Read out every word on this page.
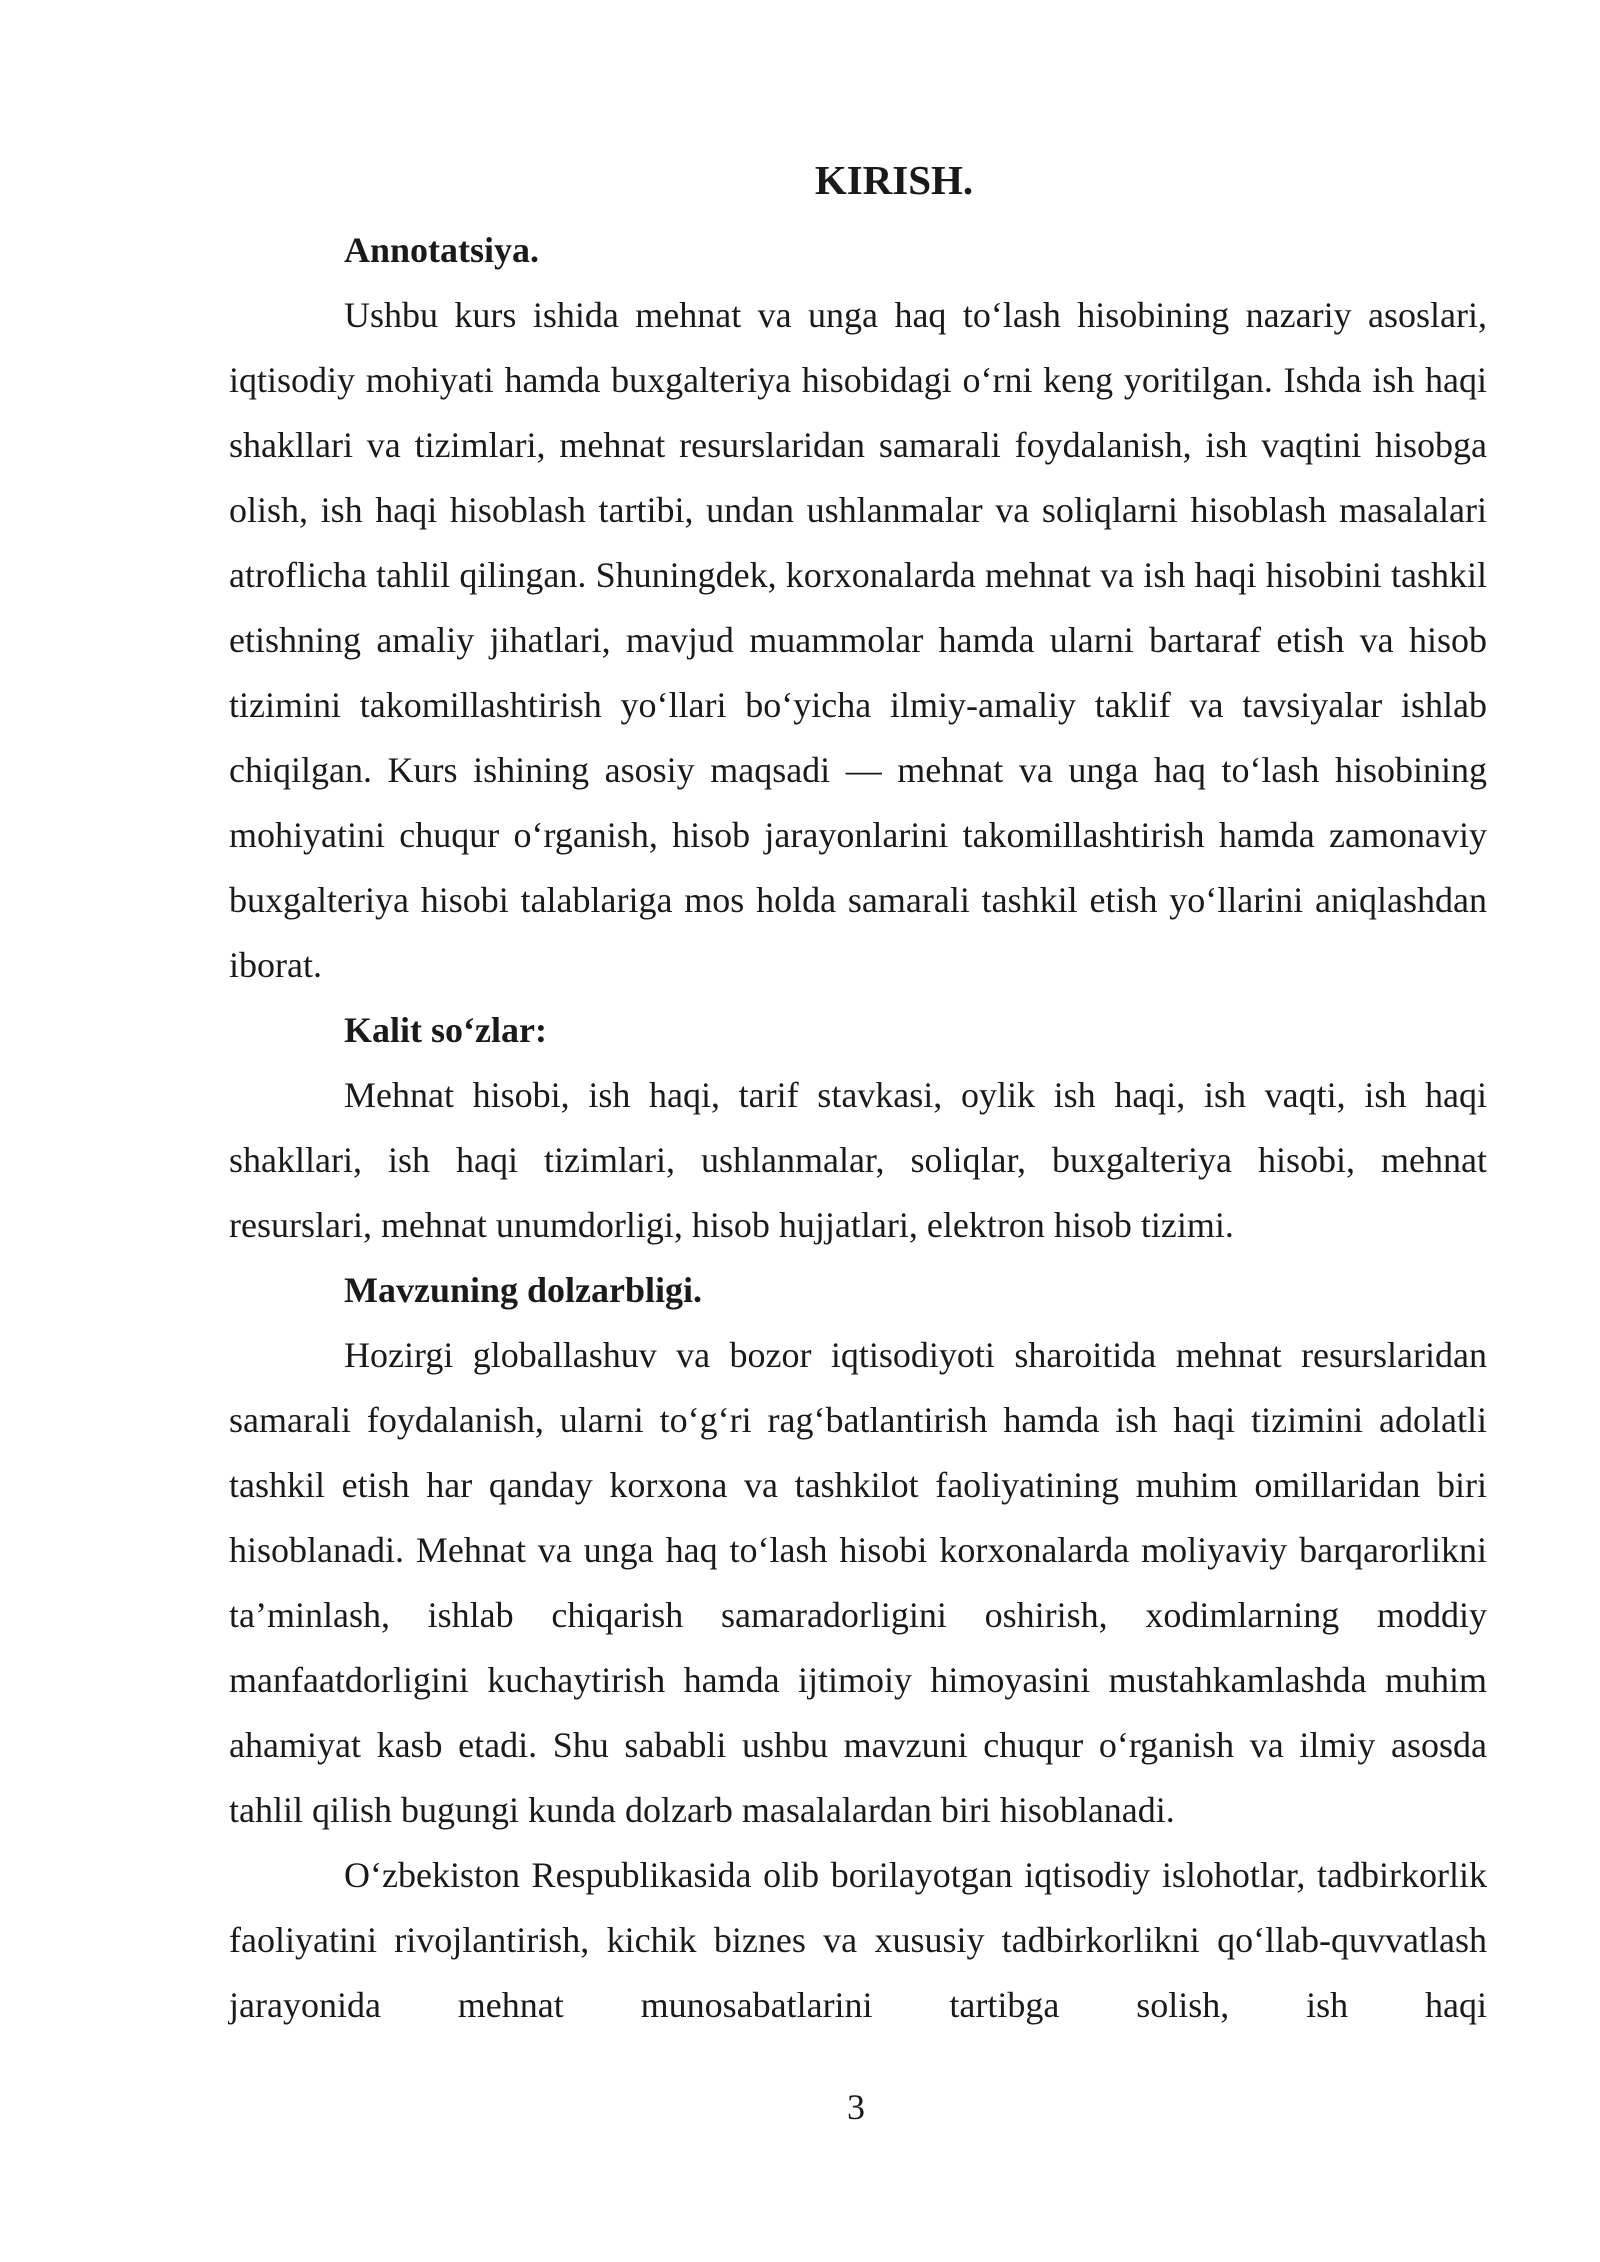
KIRISH.

Annotatsiya.

Ushbu kurs ishida mehnat va unga haq to‘lash hisobining nazariy asoslari, iqtisodiy mohiyati hamda buxgalteriya hisobidagi o‘rni keng yoritilgan. Ishda ish haqi shakllari va tizimlari, mehnat resurslaridan samarali foydalanish, ish vaqtini hisobga olish, ish haqi hisoblash tartibi, undan ushlanmalar va soliqlarni hisoblash masalalari atroflicha tahlil qilingan. Shuningdek, korxonalarda mehnat va ish haqi hisobini tashkil etishning amaliy jihatlari, mavjud muammolar hamda ularni bartaraf etish va hisob tizimini takomillashtirish yo‘llari bo‘yicha ilmiy-amaliy taklif va tavsiyalar ishlab chiqilgan. Kurs ishining asosiy maqsadi — mehnat va unga haq to‘lash hisobining mohiyatini chuqur o‘rganish, hisob jarayonlarini takomillashtirish hamda zamonaviy buxgalteriya hisobi talablariga mos holda samarali tashkil etish yo‘llarini aniqlashdan iborat.

Kalit so‘zlar:

Mehnat hisobi, ish haqi, tarif stavkasi, oylik ish haqi, ish vaqti, ish haqi shakllari, ish haqi tizimlari, ushlanmalar, soliqlar, buxgalteriya hisobi, mehnat resurslari, mehnat unumdorligi, hisob hujjatlari, elektron hisob tizimi.

Mavzuning dolzarbligi.

Hozirgi globallashuv va bozor iqtisodiyoti sharoitida mehnat resurslaridan samarali foydalanish, ularni to‘g‘ri rag‘batlantirish hamda ish haqi tizimini adolatli tashkil etish har qanday korxona va tashkilot faoliyatining muhim omillaridan biri hisoblanadi. Mehnat va unga haq to‘lash hisobi korxonalarda moliyaviy barqarorlikni ta’minlash, ishlab chiqarish samaradorligini oshirish, xodimlarning moddiy manfaatdorligini kuchaytirish hamda ijtimoiy himoyasini mustahkamlashda muhim ahamiyat kasb etadi. Shu sababli ushbu mavzuni chuqur o‘rganish va ilmiy asosda tahlil qilish bugungi kunda dolzarb masalalardan biri hisoblanadi.

O‘zbekiston Respublikasida olib borilayotgan iqtisodiy islohotlar, tadbirkorlik faoliyatini rivojlantirish, kichik biznes va xususiy tadbirkorlikni qo‘llab-quvvatlash jarayonida mehnat munosabatlarini tartibga solish, ish haqi

3
